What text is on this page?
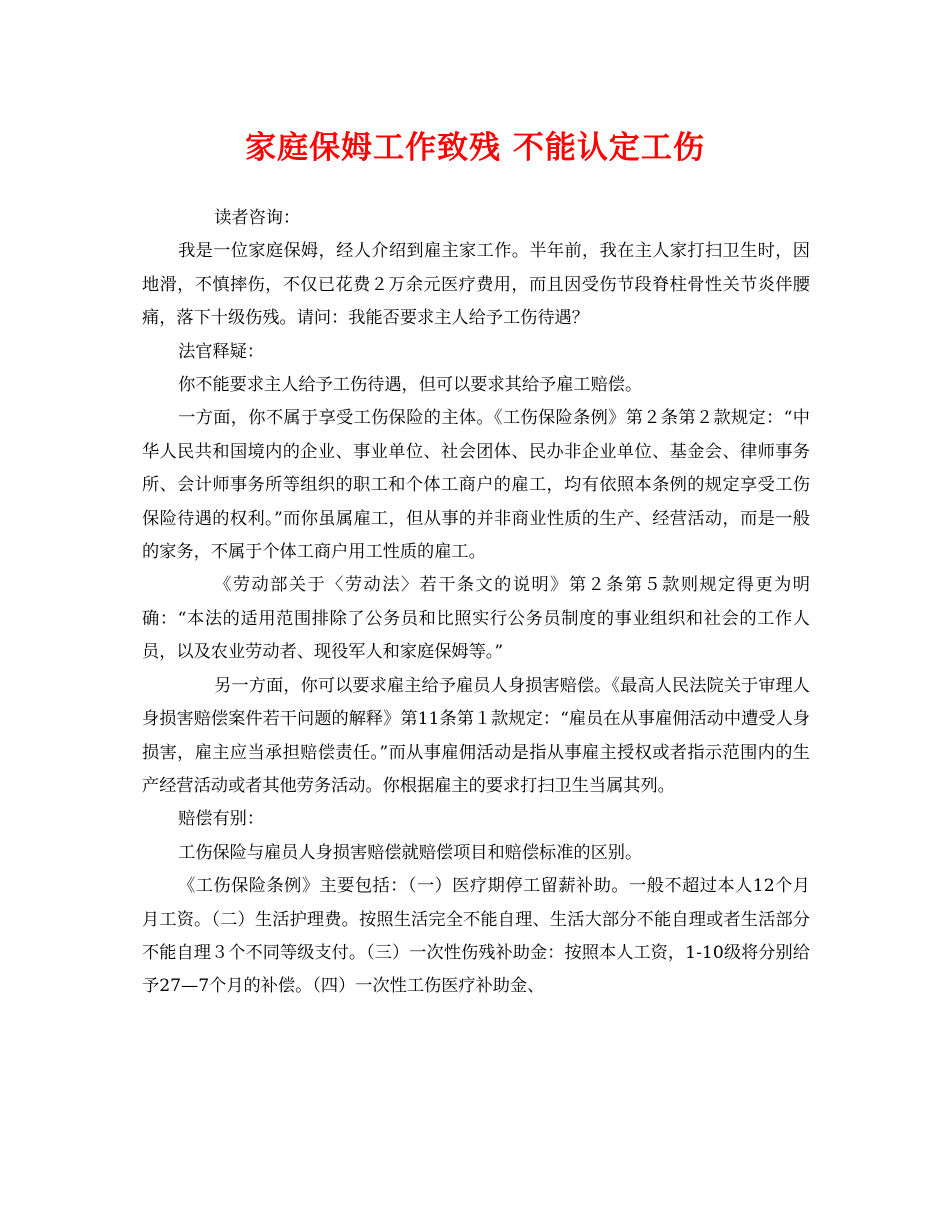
家庭保姆工作致残 不能认定工伤

读者咨询：

我是一位家庭保姆，经人介绍到雇主家工作。半年前，我在主人家打扫卫生时，因地滑，不慎摔伤，不仅已花费２万余元医疗费用，而且因受伤节段脊柱骨性关节炎伴腰痛，落下十级伤残。请问：我能否要求主人给予工伤待遇？

法官释疑：

你不能要求主人给予工伤待遇，但可以要求其给予雇工赔偿。

一方面，你不属于享受工伤保险的主体。《工伤保险条例》第２条第２款规定：“中华人民共和国境内的企业、事业单位、社会团体、民办非企业单位、基金会、律师事务所、会计师事务所等组织的职工和个体工商户的雇工，均有依照本条例的规定享受工伤保险待遇的权利。”而你虽属雇工，但从事的并非商业性质的生产、经营活动，而是一般的家务，不属于个体工商户用工性质的雇工。

《劳动部关于〈劳动法〉若干条文的说明》第２条第５款则规定得更为明确：“本法的适用范围排除了公务员和比照实行公务员制度的事业组织和社会的工作人员，以及农业劳动者、现役军人和家庭保姆等。”

另一方面，你可以要求雇主给予雇员人身损害赔偿。《最高人民法院关于审理人身损害赔偿案件若干问题的解释》第11条第１款规定：“雇员在从事雇佣活动中遭受人身损害，雇主应当承担赔偿责任。”而从事雇佣活动是指从事雇主授权或者指示范围内的生产经营活动或者其他劳务活动。你根据雇主的要求打扫卫生当属其列。

赔偿有别：

工伤保险与雇员人身损害赔偿就赔偿项目和赔偿标准的区别。

《工伤保险条例》主要包括：（一）医疗期停工留薪补助。一般不超过本人12个月月工资。（二）生活护理费。按照生活完全不能自理、生活大部分不能自理或者生活部分不能自理３个不同等级支付。（三）一次性伤残补助金：按照本人工资，1-10级将分别给予27—7个月的补偿。（四）一次性工伤医疗补助金、
